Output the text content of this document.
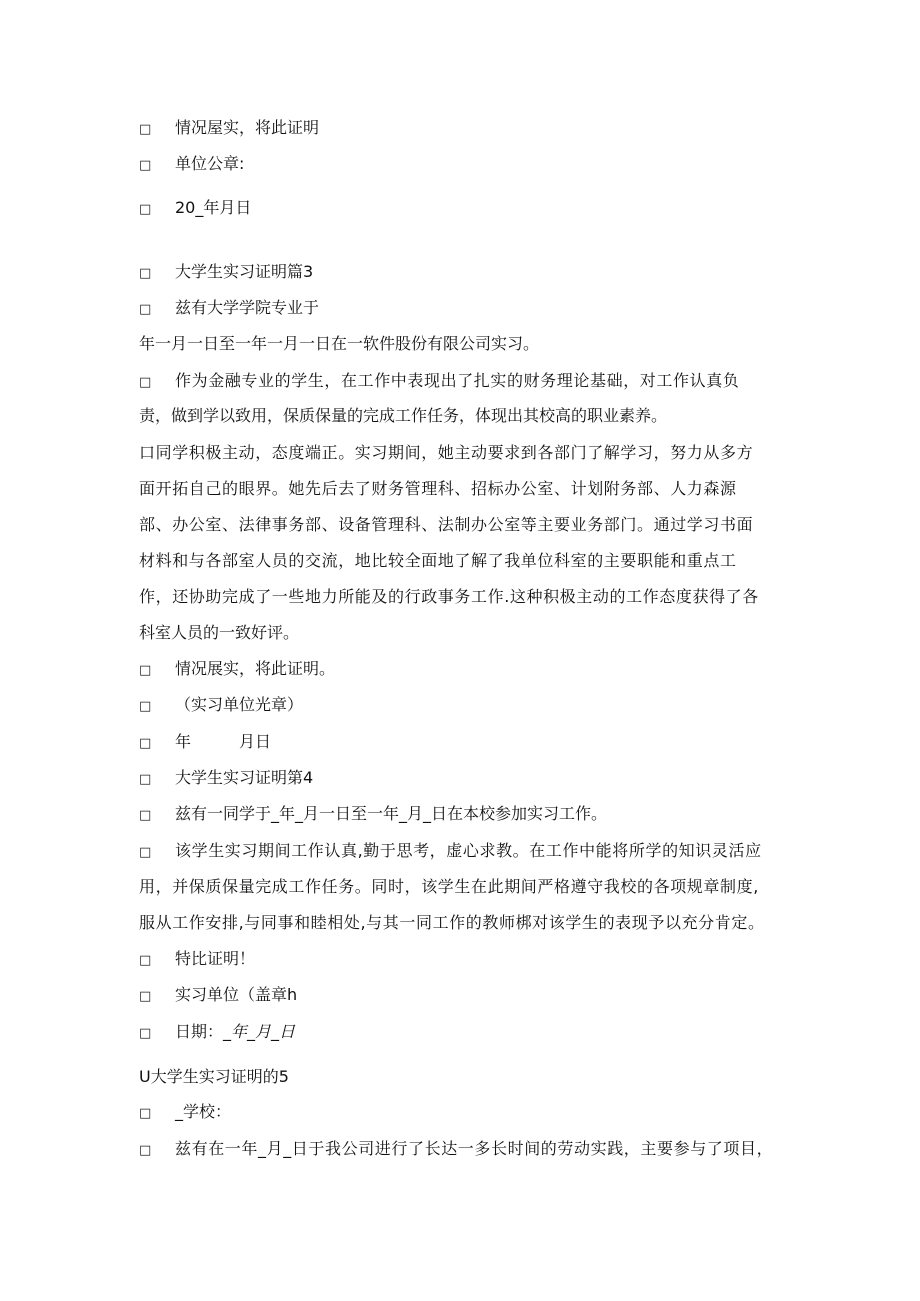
□ 情况屋实，将此证明
□ 单位公章:
□ 20_年月日
□ 大学生实习证明篇3
□ 兹有大学学院专业于
年一月一日至一年一月一日在一软件股份有限公司实习。
□ 作为金融专业的学生，在工作中表现出了扎实的财务理论基础，对工作认真负
责，做到学以致用，保质保量的完成工作任务，体现出其校高的职业素养。
口同学积极主动，态度端正。实习期间，她主动要求到各部门了解学习，努力从多方
面开拓自己的眼界。她先后去了财务管理科、招标办公室、计划附务部、人力森源
部、办公室、法律事务部、设备管理科、法制办公室等主要业务部门。通过学习书面
材料和与各部室人员的交流，地比较全面地了解了我单位科室的主要职能和重点工
作，还协助完成了一些地力所能及的行政事务工作.这种积极主动的工作态度获得了各
科室人员的一致好评。
□ 情况展实，将此证明。
□ （实习单位光章）
□ 年	月日
□ 大学生实习证明第4
□ 兹有一同学于_年_月一日至一年_月_日在本校参加实习工作。
□ 该学生实习期间工作认真,勤于思考，虚心求教。在工作中能将所学的知识灵活应
用，并保质保量完成工作任务。同时，该学生在此期间严格遵守我校的各项规章制度,
服从工作安排,与同事和睦相处,与其一同工作的教师梆对该学生的表现予以充分肯定。
□ 特比证明！
□ 实习单位（盖章h
□ 日期：_年_月_日
U大学生实习证明的5
□ _学校：
□ 兹有在一年_月_日于我公司进行了长达一多长时间的劳动实践，主要参与了项目，
